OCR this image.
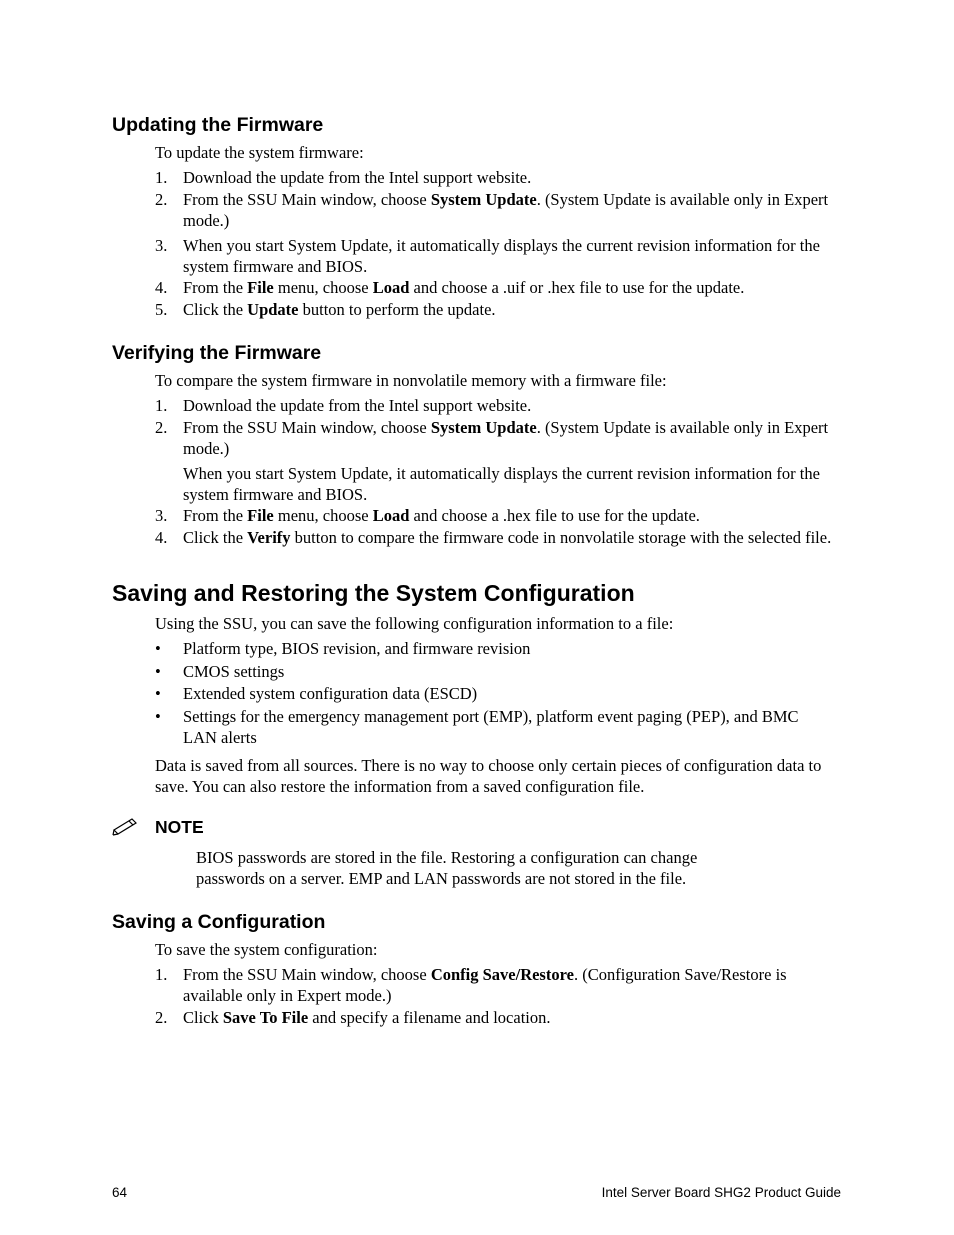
Updating the Firmware
To update the system firmware:
1. Download the update from the Intel support website.
2. From the SSU Main window, choose System Update. (System Update is available only in Expert mode.)
3. When you start System Update, it automatically displays the current revision information for the system firmware and BIOS.
4. From the File menu, choose Load and choose a .uif or .hex file to use for the update.
5. Click the Update button to perform the update.
Verifying the Firmware
To compare the system firmware in nonvolatile memory with a firmware file:
1. Download the update from the Intel support website.
2. From the SSU Main window, choose System Update. (System Update is available only in Expert mode.)
When you start System Update, it automatically displays the current revision information for the system firmware and BIOS.
3. From the File menu, choose Load and choose a .hex file to use for the update.
4. Click the Verify button to compare the firmware code in nonvolatile storage with the selected file.
Saving and Restoring the System Configuration
Using the SSU, you can save the following configuration information to a file:
• Platform type, BIOS revision, and firmware revision
• CMOS settings
• Extended system configuration data (ESCD)
• Settings for the emergency management port (EMP), platform event paging (PEP), and BMC LAN alerts
Data is saved from all sources. There is no way to choose only certain pieces of configuration data to save. You can also restore the information from a saved configuration file.
NOTE
BIOS passwords are stored in the file. Restoring a configuration can change passwords on a server. EMP and LAN passwords are not stored in the file.
Saving a Configuration
To save the system configuration:
1. From the SSU Main window, choose Config Save/Restore. (Configuration Save/Restore is available only in Expert mode.)
2. Click Save To File and specify a filename and location.
64	Intel Server Board SHG2 Product Guide
